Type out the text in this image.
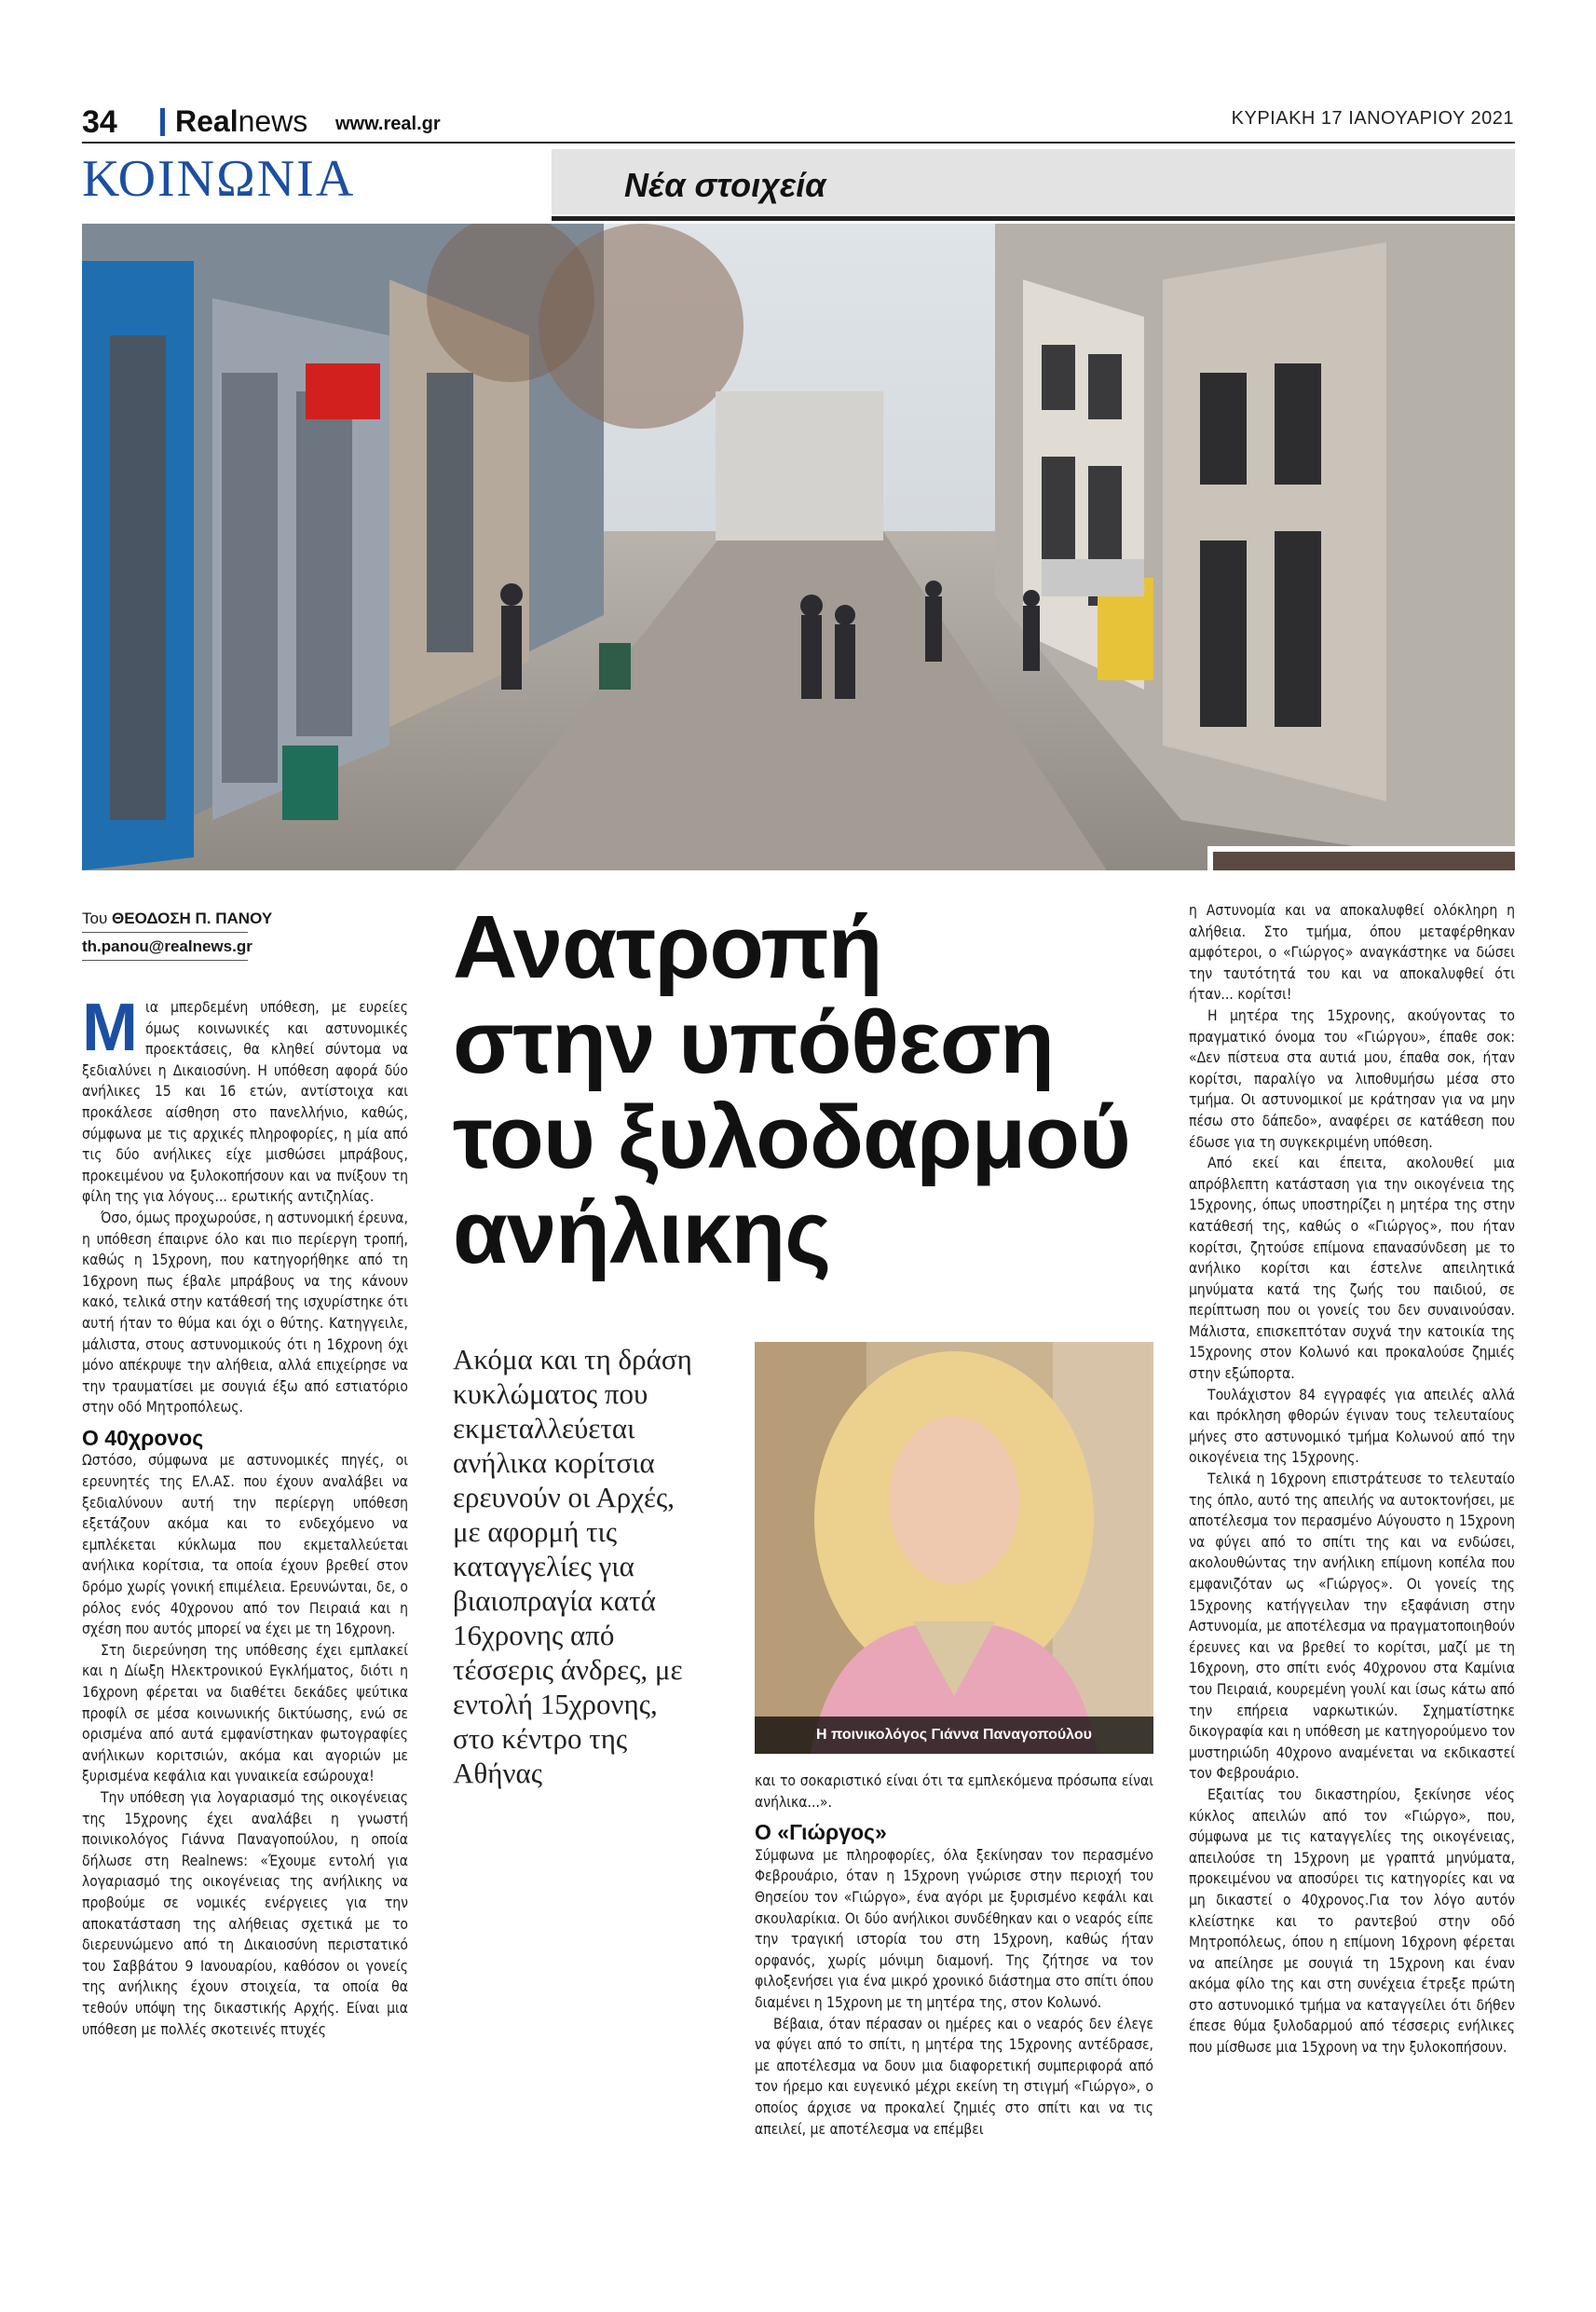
34 Realnews www.real.gr	ΚΥΡΙΑΚΗ 17 ΙΑΝΟΥΑΡΙΟΥ 2021
ΚΟΙΝΩΝΙΑ	Νέα στοιχεία
Του ΘΕΟΔΟΣΗ Π. ΠΑΝΟΥ
th.panou@realnews.gr

Μια μπερδεμένη υπόθεση, με ευρείες όμως κοινωνικές και αστυνομικές προεκτάσεις, θα κληθεί σύντομα να ξεδιαλύνει η Δικαιοσύνη. Η υπόθεση αφορά δύο ανήλικες 15 και 16 ετών, αντίστοιχα και προκάλεσε αίσθηση στο πανελλήνιο, καθώς, σύμφωνα με τις αρχικές πληροφορίες, η μία από τις δύο ανήλικες είχε μισθώσει μπράβους, προκειμένου να ξυλοκοπήσουν και να πνίξουν τη φίλη της για λόγους... ερωτικής αντιζηλίας.

Όσο, όμως προχωρούσε, η αστυνομική έρευνα, η υπόθεση έπαιρνε όλο και πιο περίεργη τροπή, καθώς η 15χρονη, που κατηγορήθηκε από τη 16χρονη πως έβαλε μπράβους να της κάνουν κακό, τελικά στην κατάθεσή της ισχυρίστηκε ότι αυτή ήταν το θύμα και όχι ο θύτης. Κατηγγειλε, μάλιστα, στους αστυνομικούς ότι η 16χρονη όχι μόνο απέκρυψε την αλήθεια, αλλά επιχείρησε να την τραυματίσει με σουγιά έξω από εστιατόριο στην οδό Μητροπόλεως.

Ο 40χρονος

Ωστόσο, σύμφωνα με αστυνομικές πηγές, οι ερευνητές της ΕΛ.ΑΣ. που έχουν αναλάβει να ξεδιαλύνουν αυτή την περίεργη υπόθεση εξετάζουν ακόμα και το ενδεχόμενο να εμπλέκεται κύκλωμα που εκμεταλλεύεται ανήλικα κορίτσια, τα οποία έχουν βρεθεί στον δρόμο χωρίς γονική επιμέλεια. Ερευνώνται, δε, ο ρόλος ενός 40χρονου από τον Πειραιά και η σχέση που αυτός μπορεί να έχει με τη 16χρονη.

Στη διερεύνηση της υπόθεσης έχει εμπλακεί και η Δίωξη Ηλεκτρονικού Εγκλήματος, διότι η 16χρονη φέρεται να διαθέτει δεκάδες ψεύτικα προφίλ σε μέσα κοινωνικής δικτύωσης, ενώ σε ορισμένα από αυτά εμφανίστηκαν φωτογραφίες ανήλικων κοριτσιών, ακόμα και αγοριών με ξυρισμένα κεφάλια και γυναικεία εσώρουχα!

Την υπόθεση για λογαριασμό της οικογένειας της 15χρονης έχει αναλάβει η γνωστή ποινικολόγος Γιάννα Παναγοπούλου, η οποία δήλωσε στη Realnews: «Έχουμε εντολή για λογαριασμό της οικογένειας της ανήλικης να προβούμε σε νομικές ενέργειες για την αποκατάσταση της αλήθειας σχετικά με το διερευνώμενο από τη Δικαιοσύνη περιστατικό του Σαββάτου 9 Ιανουαρίου, καθόσον οι γονείς της ανήλικης έχουν στοιχεία, τα οποία θα τεθούν υπόψη της δικαστικής Αρχής. Είναι μια υπόθεση με πολλές σκοτεινές πτυχές

Ανατροπή
στην υπόθεση
του ξυλοδαρμού
ανήλικης
Ακόμα και τη δράση κυκλώματος που εκμεταλλεύεται ανήλικα κορίτσια ερευνούν οι Αρχές, με αφορμή τις καταγγελίες για βιαιοπραγία κατά 16χρονης από τέσσερις άνδρες, με εντολή 15χρονης, στο κέντρο της Αθήνας
Η ποινικολόγος Γιάννα Παναγοπούλου

και το σοκαριστικό είναι ότι τα εμπλεκόμενα πρόσωπα είναι ανήλικα...».

Ο «Γιώργος»

Σύμφωνα με πληροφορίες, όλα ξεκίνησαν τον περασμένο Φεβρουάριο, όταν η 15χρονη γνώρισε στην περιοχή του Θησείου τον «Γιώργο», ένα αγόρι με ξυρισμένο κεφάλι και σκουλαρίκια. Οι δύο ανήλικοι συνδέθηκαν και ο νεαρός είπε την τραγική ιστορία του στη 15χρονη, καθώς ήταν ορφανός, χωρίς μόνιμη διαμονή. Της ζήτησε να τον φιλοξενήσει για ένα μικρό χρονικό διάστημα στο σπίτι όπου διαμένει η 15χρονη με τη μητέρα της, στον Κολωνό.

Βέβαια, όταν πέρασαν οι ημέρες και ο νεαρός δεν έλεγε να φύγει από το σπίτι, η μητέρα της 15χρονης αντέδρασε, με αποτέλεσμα να δουν μια διαφορετική συμπεριφορά από τον ήρεμο και ευγενικό μέχρι εκείνη τη στιγμή «Γιώργο», ο οποίος άρχισε να προκαλεί ζημιές στο σπίτι και να τις απειλεί, με αποτέλεσμα να επέμβει

η Αστυνομία και να αποκαλυφθεί ολόκληρη η αλήθεια. Στο τμήμα, όπου μεταφέρθηκαν αμφότεροι, ο «Γιώργος» αναγκάστηκε να δώσει την ταυτότητά του και να αποκαλυφθεί ότι ήταν... κορίτσι!

Η μητέρα της 15χρονης, ακούγοντας το πραγματικό όνομα του «Γιώργου», έπαθε σοκ: «Δεν πίστευα στα αυτιά μου, έπαθα σοκ, ήταν κορίτσι, παραλίγο να λιποθυμήσω μέσα στο τμήμα. Οι αστυνομικοί με κράτησαν για να μην πέσω στο δάπεδο», αναφέρει σε κατάθεση που έδωσε για τη συγκεκριμένη υπόθεση.

Από εκεί και έπειτα, ακολουθεί μια απρόβλεπτη κατάσταση για την οικογένεια της 15χρονης, όπως υποστηρίζει η μητέρα της στην κατάθεσή της, καθώς ο «Γιώργος», που ήταν κορίτσι, ζητούσε επίμονα επανασύνδεση με το ανήλικο κορίτσι και έστελνε απειλητικά μηνύματα κατά της ζωής του παιδιού, σε περίπτωση που οι γονείς του δεν συναινούσαν. Μάλιστα, επισκεπτόταν συχνά την κατοικία της 15χρονης στον Κολωνό και προκαλούσε ζημιές στην εξώπορτα.

Τουλάχιστον 84 εγγραφές για απειλές αλλά και πρόκληση φθορών έγιναν τους τελευταίους μήνες στο αστυνομικό τμήμα Κολωνού από την οικογένεια της 15χρονης.

Τελικά η 16χρονη επιστράτευσε το τελευταίο της όπλο, αυτό της απειλής να αυτοκτονήσει, με αποτέλεσμα τον περασμένο Αύγουστο η 15χρονη να φύγει από το σπίτι της και να ενδώσει, ακολουθώντας την ανήλικη επίμονη κοπέλα που εμφανιζόταν ως «Γιώργος». Οι γονείς της 15χρονης κατήγγειλαν την εξαφάνιση στην Αστυνομία, με αποτέλεσμα να πραγματοποιηθούν έρευνες και να βρεθεί το κορίτσι, μαζί με τη 16χρονη, στο σπίτι ενός 40χρονου στα Καμίνια του Πειραιά, κουρεμένη γουλί και ίσως κάτω από την επήρεια ναρκωτικών. Σχηματίστηκε δικογραφία και η υπόθεση με κατηγορούμενο τον μυστηριώδη 40χρονο αναμένεται να εκδικαστεί τον Φεβρουάριο.

Εξαιτίας του δικαστηρίου, ξεκίνησε νέος κύκλος απειλών από τον «Γιώργο», που, σύμφωνα με τις καταγγελίες της οικογένειας, απειλούσε τη 15χρονη με γραπτά μηνύματα, προκειμένου να αποσύρει τις κατηγορίες και να μη δικαστεί ο 40χρονος.Για τον λόγο αυτόν κλείστηκε και το ραντεβού στην οδό Μητροπόλεως, όπου η επίμονη 16χρονη φέρεται να απείλησε με σουγιά τη 15χρονη και έναν ακόμα φίλο της και στη συνέχεια έτρεξε πρώτη στο αστυνομικό τμήμα να καταγγείλει ότι δήθεν έπεσε θύμα ξυλοδαρμού από τέσσερις ενήλικες που μίσθωσε μια 15χρονη να την ξυλοκοπήσουν.
